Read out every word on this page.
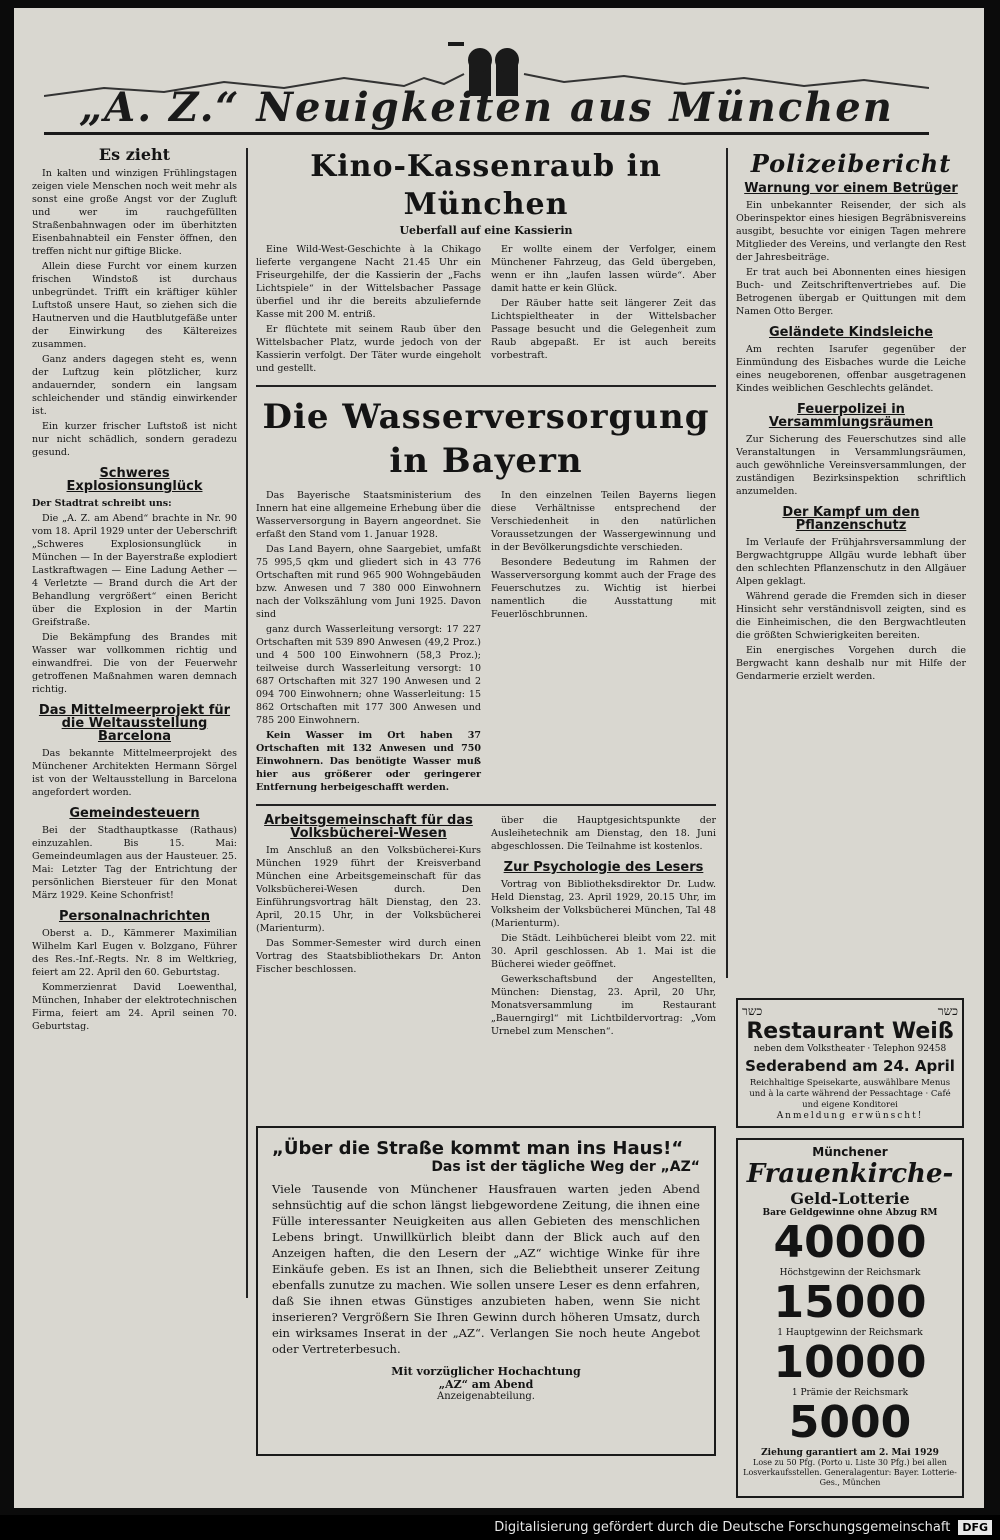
„A. Z.“ Neuigkeiten aus München
Es zieht

In kalten und winzigen Frühlingstagen zeigen viele Menschen noch weit mehr als sonst eine große Angst vor der Zugluft und wer im rauchgefüllten Straßenbahnwagen oder im überhitzten Eisenbahnabteil ein Fenster öffnen, den treffen nicht nur giftige Blicke.

Allein diese Furcht vor einem kurzen frischen Windstoß ist durchaus unbegründet. Trifft ein kräftiger kühler Luftstoß unsere Haut, so ziehen sich die Hautnerven und die Hautblutgefäße unter der Einwirkung des Kältereizes zusammen.

Ganz anders dagegen steht es, wenn der Luftzug kein plötzlicher, kurz andauernder, sondern ein langsam schleichender und ständig einwirkender ist.

Ein kurzer frischer Luftstoß ist nicht nur nicht schädlich, sondern geradezu gesund.

Schweres Explosionsunglück

Der Stadtrat schreibt uns:

Die „A. Z. am Abend“ brachte in Nr. 90 vom 18. April 1929 unter der Ueberschrift „Schweres Explosionsunglück in München — In der Bayerstraße explodiert Lastkraftwagen — Eine Ladung Aether — 4 Verletzte — Brand durch die Art der Behandlung vergrößert“ einen Bericht über die Explosion in der Martin Greifstraße.

Die Bekämpfung des Brandes mit Wasser war vollkommen richtig und einwandfrei. Die von der Feuerwehr getroffenen Maßnahmen waren demnach richtig.

Das Mittelmeerprojekt für die Weltausstellung Barcelona

Das bekannte Mittelmeerprojekt des Münchener Architekten Hermann Sörgel ist von der Weltausstellung in Barcelona angefordert worden.

Gemeindesteuern

Bei der Stadthauptkasse (Rathaus) einzuzahlen. Bis 15. Mai: Gemeindeumlagen aus der Hausteuer. 25. Mai: Letzter Tag der Entrichtung der persönlichen Biersteuer für den Monat März 1929. Keine Schonfrist!

Personalnachrichten

Oberst a. D., Kämmerer Maximilian Wilhelm Karl Eugen v. Bolzgano, Führer des Res.-Inf.-Regts. Nr. 8 im Weltkrieg, feiert am 22. April den 60. Geburtstag.

Kommerzienrat David Loewenthal, München, Inhaber der elektrotechnischen Firma, feiert am 24. April seinen 70. Geburtstag.

Kino-Kassenraub in München

Ueberfall auf eine Kassierin

Eine Wild-West-Geschichte à la Chikago lieferte vergangene Nacht 21.45 Uhr ein Friseurgehilfe, der die Kassierin der „Fachs Lichtspiele“ in der Wittelsbacher Passage überfiel und ihr die bereits abzuliefernde Kasse mit 200 M. entriß.

Er flüchtete mit seinem Raub über den Wittelsbacher Platz, wurde jedoch von der Kassierin verfolgt. Der Täter wurde eingeholt und gestellt.

Er wollte einem der Verfolger, einem Münchener Fahrzeug, das Geld übergeben, wenn er ihn „laufen lassen würde“. Aber damit hatte er kein Glück.

Der Räuber hatte seit längerer Zeit das Lichtspieltheater in der Wittelsbacher Passage besucht und die Gelegenheit zum Raub abgepaßt. Er ist auch bereits vorbestraft.

Die Wasserversorgung in Bayern

Das Bayerische Staatsministerium des Innern hat eine allgemeine Erhebung über die Wasserversorgung in Bayern angeordnet. Sie erfaßt den Stand vom 1. Januar 1928.

Das Land Bayern, ohne Saargebiet, umfaßt 75 995,5 qkm und gliedert sich in 43 776 Ortschaften mit rund 965 900 Wohngebäuden bzw. Anwesen und 7 380 000 Einwohnern nach der Volkszählung vom Juni 1925. Davon sind

ganz durch Wasserleitung versorgt: 17 227 Ortschaften mit 539 890 Anwesen (49,2 Proz.) und 4 500 100 Einwohnern (58,3 Proz.); teilweise durch Wasserleitung versorgt: 10 687 Ortschaften mit 327 190 Anwesen und 2 094 700 Einwohnern; ohne Wasserleitung: 15 862 Ortschaften mit 177 300 Anwesen und 785 200 Einwohnern.

Kein Wasser im Ort haben 37 Ortschaften mit 132 Anwesen und 750 Einwohnern. Das benötigte Wasser muß hier aus größerer oder geringerer Entfernung herbeigeschafft werden.

In den einzelnen Teilen Bayerns liegen diese Verhältnisse entsprechend der Verschiedenheit in den natürlichen Voraussetzungen der Wassergewinnung und in der Bevölkerungsdichte verschieden.

Besondere Bedeutung im Rahmen der Wasserversorgung kommt auch der Frage des Feuerschutzes zu. Wichtig ist hierbei namentlich die Ausstattung mit Feuerlöschbrunnen.

Arbeitsgemeinschaft für das Volksbücherei-Wesen

Im Anschluß an den Volksbücherei-Kurs München 1929 führt der Kreisverband München eine Arbeitsgemeinschaft für das Volksbücherei-Wesen durch. Den Einführungsvortrag hält Dienstag, den 23. April, 20.15 Uhr, in der Volksbücherei (Marienturm).

Das Sommer-Semester wird durch einen Vortrag des Staatsbibliothekars Dr. Anton Fischer beschlossen.

über die Hauptgesichtspunkte der Ausleihetechnik am Dienstag, den 18. Juni abgeschlossen. Die Teilnahme ist kostenlos.

Zur Psychologie des Lesers

Vortrag von Bibliotheksdirektor Dr. Ludw. Held Dienstag, 23. April 1929, 20.15 Uhr, im Volksheim der Volksbücherei München, Tal 48 (Marienturm).

Die Städt. Leihbücherei bleibt vom 22. mit 30. April geschlossen. Ab 1. Mai ist die Bücherei wieder geöffnet.

Gewerkschaftsbund der Angestellten, München: Dienstag, 23. April, 20 Uhr, Monatsversammlung im Restaurant „Bauerngirgl“ mit Lichtbildervortrag: „Vom Urnebel zum Menschen“.

Polizeibericht
Warnung vor einem Betrüger

Ein unbekannter Reisender, der sich als Oberinspektor eines hiesigen Begräbnisvereins ausgibt, besuchte vor einigen Tagen mehrere Mitglieder des Vereins, und verlangte den Rest der Jahresbeiträge.

Er trat auch bei Abonnenten eines hiesigen Buch- und Zeitschriftenvertriebes auf. Die Betrogenen übergab er Quittungen mit dem Namen Otto Berger.

Geländete Kindsleiche

Am rechten Isarufer gegenüber der Einmündung des Eisbaches wurde die Leiche eines neugeborenen, offenbar ausgetragenen Kindes weiblichen Geschlechts geländet.

Feuerpolizei in Versammlungsräumen

Zur Sicherung des Feuerschutzes sind alle Veranstaltungen in Versammlungsräumen, auch gewöhnliche Vereinsversammlungen, der zuständigen Bezirksinspektion schriftlich anzumelden.

Der Kampf um den Pflanzenschutz

Im Verlaufe der Frühjahrsversammlung der Bergwachtgruppe Allgäu wurde lebhaft über den schlechten Pflanzenschutz in den Allgäuer Alpen geklagt.

Während gerade die Fremden sich in dieser Hinsicht sehr verständnisvoll zeigten, sind es die Einheimischen, die den Bergwachtleuten die größten Schwierigkeiten bereiten.

Ein energisches Vorgehen durch die Bergwacht kann deshalb nur mit Hilfe der Gendarmerie erzielt werden.

כשר	כשר

Restaurant Weiß

neben dem Volkstheater · Telephon 92458

Sederabend am 24. April

Reichhaltige Speisekarte, auswählbare Menus und à la carte während der Pessachtage · Café und eigene Konditorei

Anmeldung erwünscht!

Münchener

Frauenkirche-

Geld-Lotterie

Bare Geldgewinne ohne Abzug RM

40000

Höchstgewinn der Reichsmark

15000

1 Hauptgewinn der Reichsmark

10000

1 Prämie der Reichsmark

5000

Ziehung garantiert am 2. Mai 1929

Lose zu 50 Pfg. (Porto u. Liste 30 Pfg.) bei allen Losverkaufsstellen. Generalagentur: Bayer. Lotterie-Ges., München

„Über die Straße kommt man ins Haus!“

Das ist der tägliche Weg der „AZ“

Viele Tausende von Münchener Hausfrauen warten jeden Abend sehnsüchtig auf die schon längst liebgewordene Zeitung, die ihnen eine Fülle interessanter Neuigkeiten aus allen Gebieten des menschlichen Lebens bringt. Unwillkürlich bleibt dann der Blick auch auf den Anzeigen haften, die den Lesern der „AZ“ wichtige Winke für ihre Einkäufe geben. Es ist an Ihnen, sich die Beliebtheit unserer Zeitung ebenfalls zunutze zu machen. Wie sollen unsere Leser es denn erfahren, daß Sie ihnen etwas Günstiges anzubieten haben, wenn Sie nicht inserieren? Vergrößern Sie Ihren Gewinn durch höheren Umsatz, durch ein wirksames Inserat in der „AZ“. Verlangen Sie noch heute Angebot oder Vertreterbesuch.

Mit vorzüglicher Hochachtung

„AZ“ am Abend

Anzeigenabteilung.

Digitalisierung gefördert durch die Deutsche Forschungsgemeinschaft	DFG
